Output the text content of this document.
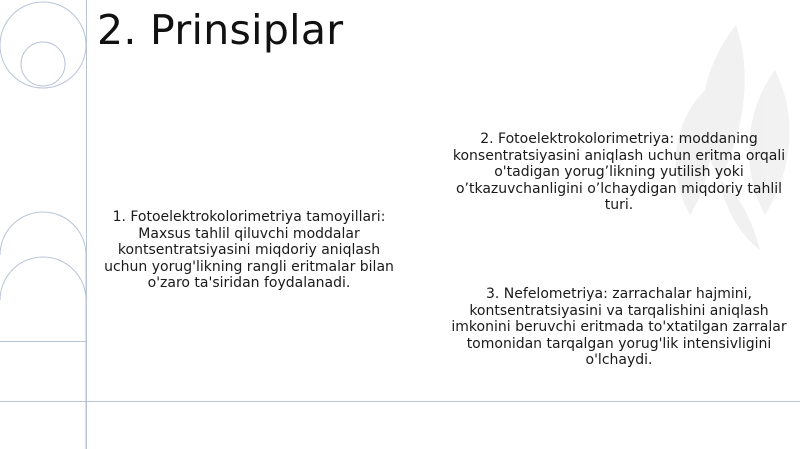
2. Prinsiplar

1. Fotoelektrokolorimetriya tamoyillari: Maxsus tahlil qiluvchi moddalar kontsentratsiyasini miqdoriy aniqlash uchun yorug'likning rangli eritmalar bilan o'zaro ta'siridan foydalanadi.

2. Fotoelektrokolorimetriya: moddaning konsentratsiyasini aniqlash uchun eritma orqali o'tadigan yorug’likning yutilish yoki o’tkazuvchanligini o’lchaydigan miqdoriy tahlil turi.

3. Nefelometriya: zarrachalar hajmini, kontsentratsiyasini va tarqalishini aniqlash imkonini beruvchi eritmada to'xtatilgan zarralar tomonidan tarqalgan yorug'lik intensivligini o'lchaydi.
